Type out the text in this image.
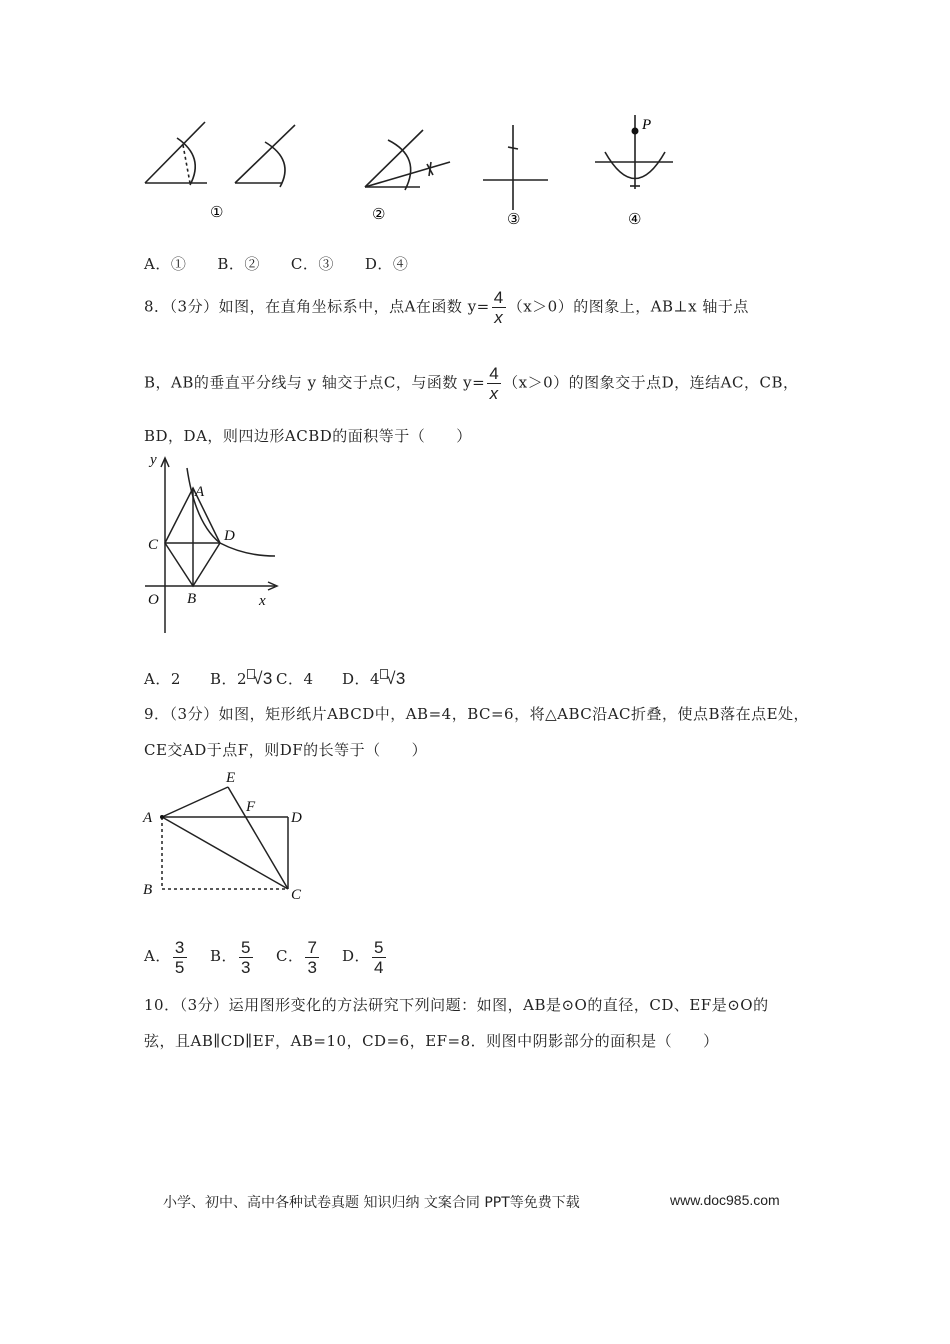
P
①	②	③	④
A．①　　B．②　　C．③　　D．④
8．（3分）如图，在直角坐标系中，点A在函数 $y= \frac{4}{x} (x>0)$的图象上，AB⊥x 轴于点
B，AB的垂直平分线与 y 轴交于点C，与函数 $y= \frac{4}{x} (x>0)$的图象交于点D，连结AC，CB，
BD，DA，则四边形ACBD的面积等于（　　）
y
x
O
A
B
C
D
A．2 B．2 √3 C．4 D．4 √3
9．（3分）如图，矩形纸片ABCD中，AB=4，BC=6，将△ABC沿AC折叠，使点B落在点E处，
CE交AD于点F，则DF的长等于（　　）
A
B	C
D
E
F
A． $\frac{3}{5}$ B． $\frac{5}{3}$ C． $\frac{7}{3}$ D． $\frac{5}{4}$
10．（3分）运用图形变化的方法研究下列问题：如图，AB是⊙O的直径，CD、EF是⊙O的
弦，且AB∥CD∥EF，AB=10，CD=6，EF=8．则图中阴影部分的面积是（　　）
小学、初中、高中各种试卷真题 知识归纳 文案合同 PPT等免费下载	www.doc985.com
